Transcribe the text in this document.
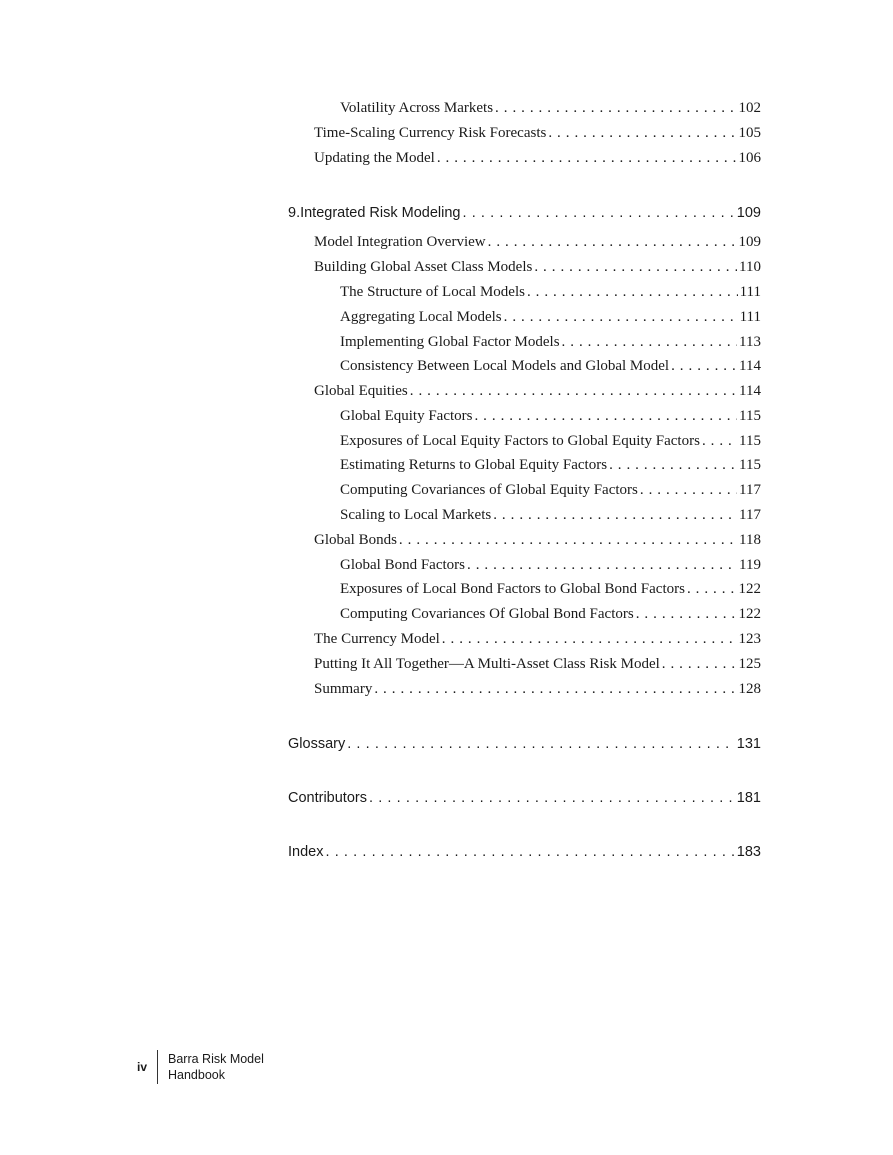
Volatility Across Markets . . .	102
Time-Scaling Currency Risk Forecasts . . .	105
Updating the Model . . .	106
9. Integrated Risk Modeling . . .	109
Model Integration Overview . . .	109
Building Global Asset Class Models . . .	110
The Structure of Local Models . . .	111
Aggregating Local Models . . .	111
Implementing Global Factor Models . . .	113
Consistency Between Local Models and Global Model . . .	114
Global Equities . . .	114
Global Equity Factors . . .	115
Exposures of Local Equity Factors to Global Equity Factors . . .	115
Estimating Returns to Global Equity Factors . . .	115
Computing Covariances of Global Equity Factors . . .	117
Scaling to Local Markets . . .	117
Global Bonds . . .	118
Global Bond Factors . . .	119
Exposures of Local Bond Factors to Global Bond Factors . . .	122
Computing Covariances Of Global Bond Factors . . .	122
The Currency Model . . .	123
Putting It All Together—A Multi-Asset Class Risk Model . . .	125
Summary . . .	128
Glossary . . .	131
Contributors . . .	181
Index . . .	183
iv
Barra Risk Model
Handbook
